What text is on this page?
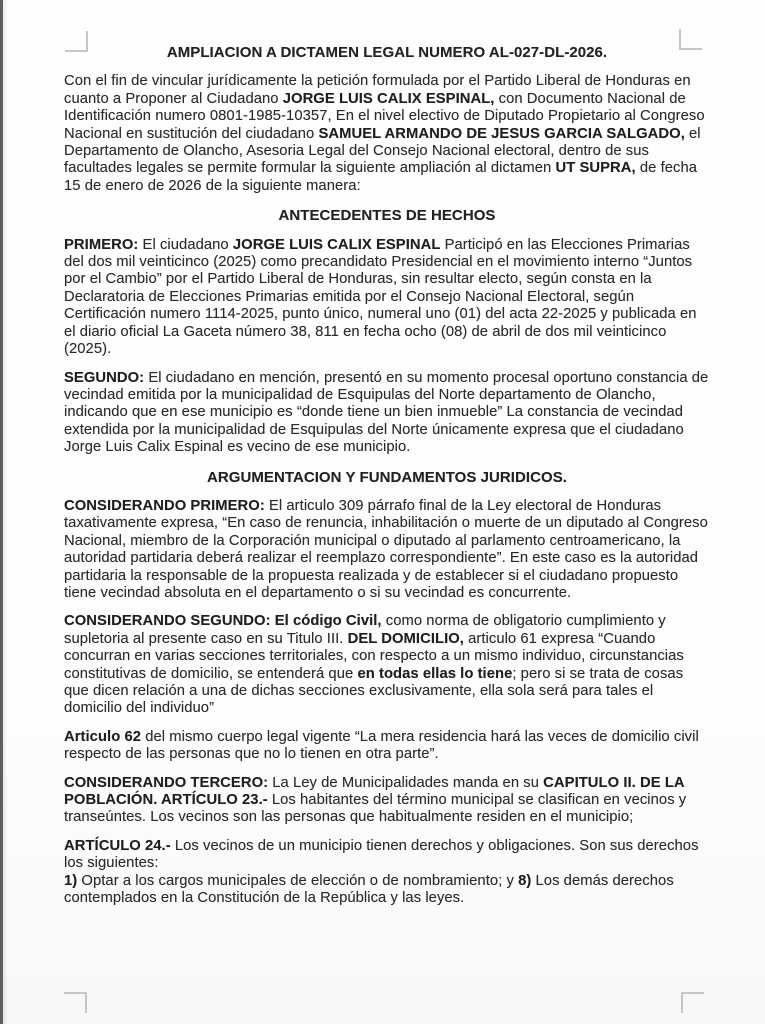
AMPLIACION A DICTAMEN LEGAL NUMERO AL-027-DL-2026.

Con el fin de vincular jurídicamente la petición formulada por el Partido Liberal de Honduras en cuanto a Proponer al Ciudadano JORGE LUIS CALIX ESPINAL, con Documento Nacional de Identificación numero 0801-1985-10357, En el nivel electivo de Diputado Propietario al Congreso Nacional en sustitución del ciudadano SAMUEL ARMANDO DE JESUS GARCIA SALGADO, el Departamento de Olancho, Asesoria Legal del Consejo Nacional electoral, dentro de sus facultades legales se permite formular la siguiente ampliación al dictamen UT SUPRA, de fecha 15 de enero de 2026 de la siguiente manera:

ANTECEDENTES DE HECHOS

PRIMERO: El ciudadano JORGE LUIS CALIX ESPINAL Participó en las Elecciones Primarias del dos mil veinticinco (2025) como precandidato Presidencial en el movimiento interno “Juntos por el Cambio” por el Partido Liberal de Honduras, sin resultar electo, según consta en la Declaratoria de Elecciones Primarias emitida por el Consejo Nacional Electoral, según Certificación numero 1114-2025, punto único, numeral uno (01) del acta 22-2025 y publicada en el diario oficial La Gaceta número 38, 811 en fecha ocho (08) de abril de dos mil veinticinco (2025).

SEGUNDO: El ciudadano en mención, presentó en su momento procesal oportuno constancia de vecindad emitida por la municipalidad de Esquipulas del Norte departamento de Olancho, indicando que en ese municipio es “donde tiene un bien inmueble” La constancia de vecindad extendida por la municipalidad de Esquipulas del Norte únicamente expresa que el ciudadano Jorge Luis Calix Espinal es vecino de ese municipio.

ARGUMENTACION Y FUNDAMENTOS JURIDICOS.

CONSIDERANDO PRIMERO: El articulo 309 párrafo final de la Ley electoral de Honduras taxativamente expresa, “En caso de renuncia, inhabilitación o muerte de un diputado al Congreso Nacional, miembro de la Corporación municipal o diputado al parlamento centroamericano, la autoridad partidaria deberá realizar el reemplazo correspondiente”. En este caso es la autoridad partidaria la responsable de la propuesta realizada y de establecer si el ciudadano propuesto tiene vecindad absoluta en el departamento o si su vecindad es concurrente.

CONSIDERANDO SEGUNDO: El código Civil, como norma de obligatorio cumplimiento y supletoria al presente caso en su Titulo III. DEL DOMICILIO, articulo 61 expresa “Cuando concurran en varias secciones territoriales, con respecto a un mismo individuo, circunstancias constitutivas de domicilio, se entenderá que en todas ellas lo tiene; pero si se trata de cosas que dicen relación a una de dichas secciones exclusivamente, ella sola será para tales el domicilio del individuo”

Articulo 62 del mismo cuerpo legal vigente “La mera residencia hará las veces de domicilio civil respecto de las personas que no lo tienen en otra parte”.

CONSIDERANDO TERCERO: La Ley de Municipalidades manda en su CAPITULO II. DE LA POBLACIÓN. ARTÍCULO 23.- Los habitantes del término municipal se clasifican en vecinos y transeúntes. Los vecinos son las personas que habitualmente residen en el municipio;

ARTÍCULO 24.- Los vecinos de un municipio tienen derechos y obligaciones. Son sus derechos los siguientes:

1) Optar a los cargos municipales de elección o de nombramiento; y 8) Los demás derechos contemplados en la Constitución de la República y las leyes.
